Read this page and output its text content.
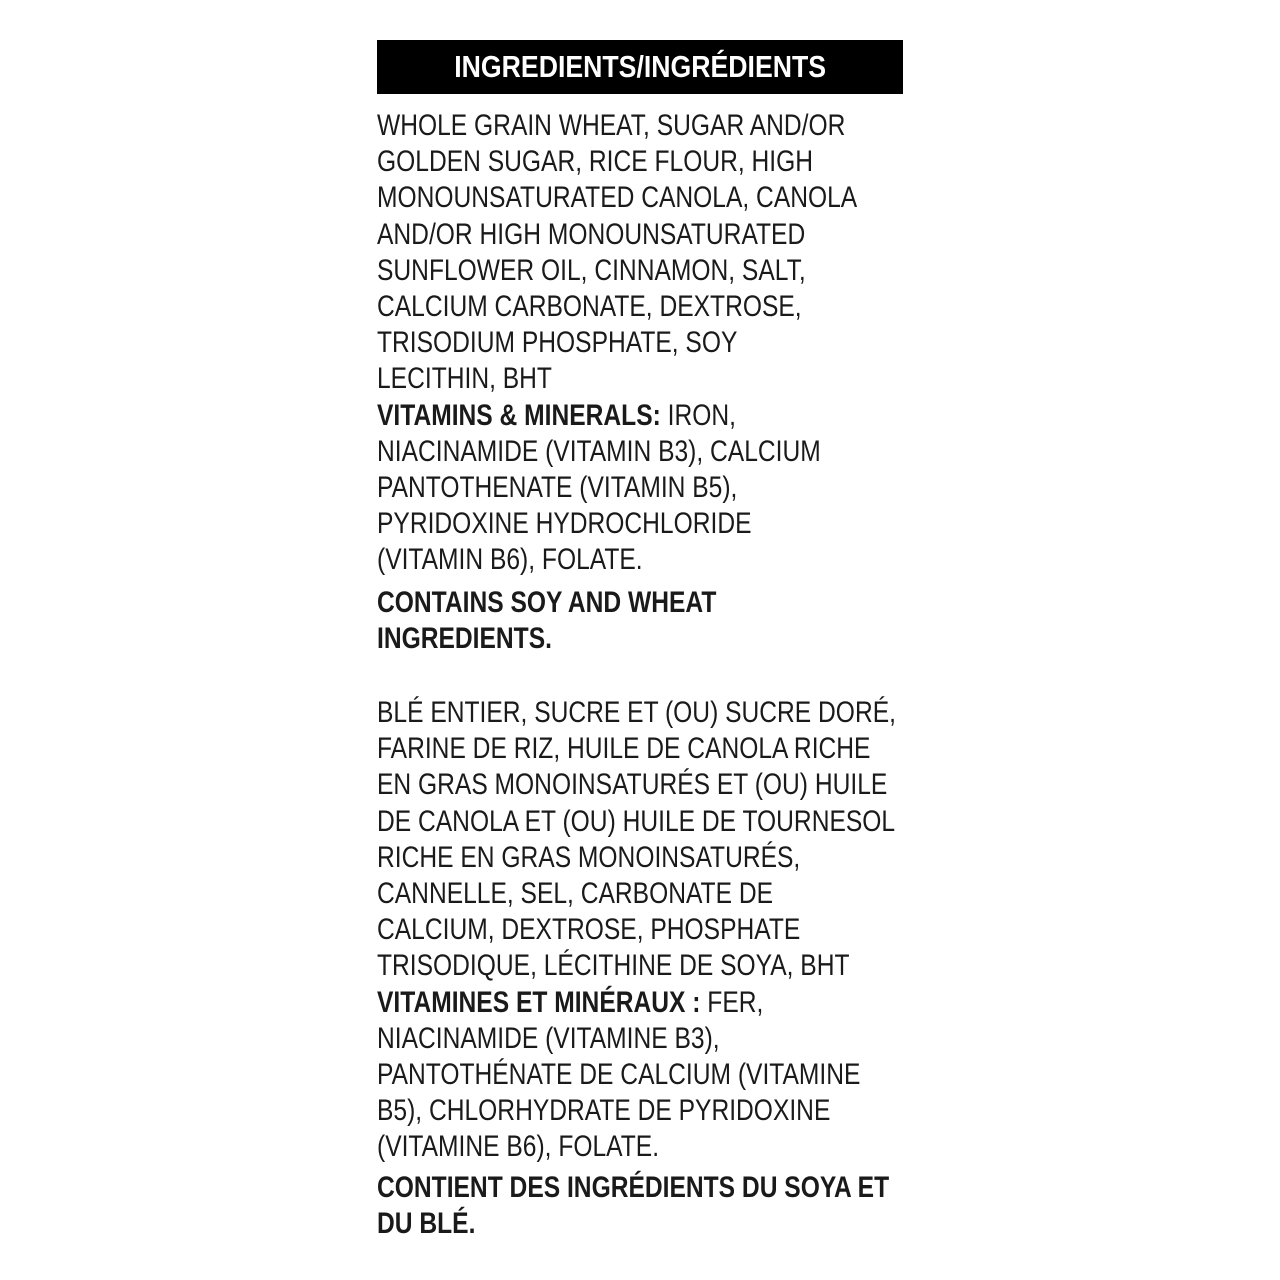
INGREDIENTS/INGRÉDIENTS
WHOLE GRAIN WHEAT, SUGAR AND/OR
GOLDEN SUGAR, RICE FLOUR, HIGH
MONOUNSATURATED CANOLA, CANOLA
AND/OR HIGH MONOUNSATURATED
SUNFLOWER OIL, CINNAMON, SALT,
CALCIUM CARBONATE, DEXTROSE,
TRISODIUM PHOSPHATE, SOY
LECITHIN, BHT
VITAMINS & MINERALS: IRON,
NIACINAMIDE (VITAMIN B3), CALCIUM
PANTOTHENATE (VITAMIN B5),
PYRIDOXINE HYDROCHLORIDE
(VITAMIN B6), FOLATE.
CONTAINS SOY AND WHEAT
INGREDIENTS.
BLÉ ENTIER, SUCRE ET (OU) SUCRE DORÉ,
FARINE DE RIZ, HUILE DE CANOLA RICHE
EN GRAS MONOINSATURÉS ET (OU) HUILE
DE CANOLA ET (OU) HUILE DE TOURNESOL
RICHE EN GRAS MONOINSATURÉS,
CANNELLE, SEL, CARBONATE DE
CALCIUM, DEXTROSE, PHOSPHATE
TRISODIQUE, LÉCITHINE DE SOYA, BHT
VITAMINES ET MINÉRAUX : FER,
NIACINAMIDE (VITAMINE B3),
PANTOTHÉNATE DE CALCIUM (VITAMINE
B5), CHLORHYDRATE DE PYRIDOXINE
(VITAMINE B6), FOLATE.
CONTIENT DES INGRÉDIENTS DU SOYA ET
DU BLÉ.
